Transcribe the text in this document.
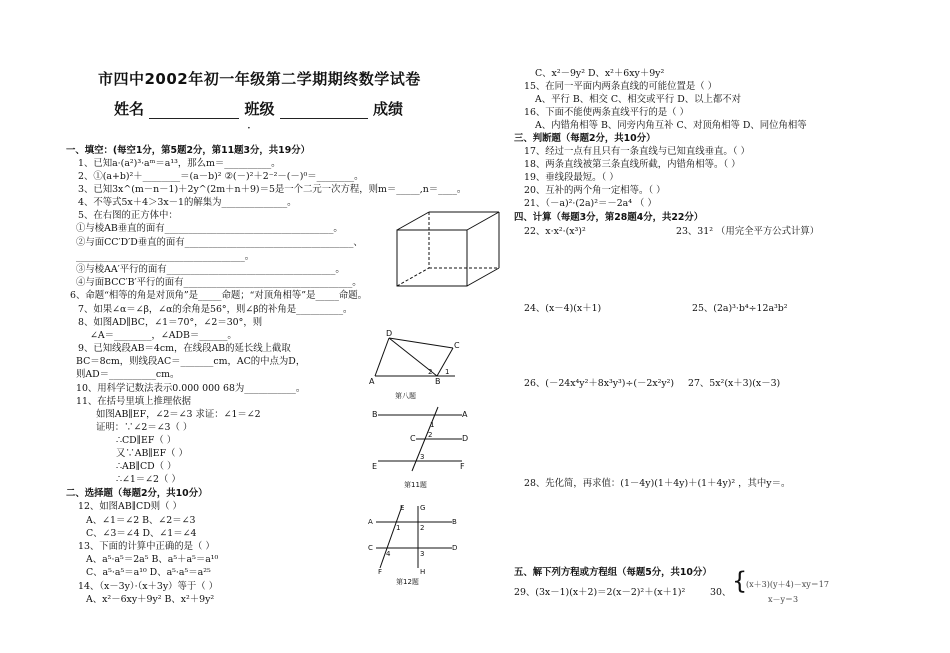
市四中2002年初一年级第二学期期终数学试卷
姓名	班级	成绩
·
一、填空：(每空1分，第5题2分，第11题3分，共19分）
1、已知a·(a²)³·aᵐ＝a¹³，那么m＝__________。
2、①(a+b)²＋________＝(a－b)² ②(－)²＋2⁻²－(－)⁰＝________。
3、已知3x^(m－n－1)＋2y^(2m＋n＋9)＝5是一个二元一次方程，则m＝_____,n＝____。
4、不等式5x＋4＞3x－1的解集为______________。
5、在右图的正方体中：
①与棱AB垂直的面有____________________________________。
②与面CC′D′D垂直的面有____________________________________、
____________________________________。
③与棱AA′平行的面有____________________________________。
④与面BCC′B′平行的面有____________________________________。
6、命题“相等的角是对顶角”是_____命题；“对顶角相等”是_____命题。
7、如果∠α＝∠β，∠α的余角是56°，则∠β的补角是__________。
8、如图AD∥BC，∠1＝70°，∠2＝30°，则
∠A＝________，∠ADB＝______。
9、已知线段AB＝4cm，在线段AB的延长线上截取
BC＝8cm，则线段AC＝_______cm，AC的中点为D，
则AD＝__________cm。
10、用科学记数法表示0.000 000 68为___________。
11、在括号里填上推理依据
如图AB∥EF，∠2＝∠3 求证：∠1＝∠2
证明：∵∠2＝∠3（ ）
∴CD∥EF（ ）
又∵AB∥EF（ ）
∴AB∥CD（ ）
∴∠1＝∠2（ ）
二、选择题（每题2分，共10分）
12、如图AB∥CD则（ ）
A、∠1＝∠2 B、∠2＝∠3
C、∠3＝∠4 D、∠1＝∠4
13、下面的计算中正确的是（ ）
A、a⁵·a⁵＝2a⁵ B、a⁵＋a⁵＝a¹⁰
C、a⁵·a⁵＝a¹⁰ D、a⁵·a⁵＝a²⁵
14、（x－3y）·（x＋3y）等于（ ）
A、x²－6xy＋9y² B、x²＋9y²
C、x²－9y² D、x²＋6xy＋9y²
15、在同一平面内两条直线的可能位置是（ ）
A、平行 B、相交 C、相交或平行 D、以上都不对
16、下面不能使两条直线平行的是（ ）
A、内错角相等 B、同旁内角互补 C、对顶角相等 D、同位角相等
三、判断题（每题2分，共10分）
17、经过一点有且只有一条直线与已知直线垂直。（ ）
18、两条直线被第三条直线所截，内错角相等。（ ）
19、垂线段最短。（ ）
20、互补的两个角一定相等。（ ）
21、（－a)²·(2a)²＝－2a⁴ （ ）
四、计算（每题3分，第28题4分，共22分）
22、x·x²·(x³)²	23、31² （用完全平方公式计算）
24、(x－4)(x＋1)	25、(2a)³·b⁴÷12a³b²
26、(－24x⁴y²＋8x³y³)÷(－2x²y²) 27、5x²(x＋3)(x－3)
28、先化简，再求值：(1－4y)(1＋4y)＋(1＋4y)² ，其中y＝。
五、解下列方程或方程组（每题5分，共10分）
29、(3x－1)(x＋2)＝2(x－2)²＋(x＋1)²	30、 {
(x＋3)(y＋4)－xy＝17
x－y＝3
A	B
C
D
1
2
第八题
B	A
C	D
E	F
1
2
3
第11题
A	B
C	D
E G
F	H
1	2
3
4
第12题
